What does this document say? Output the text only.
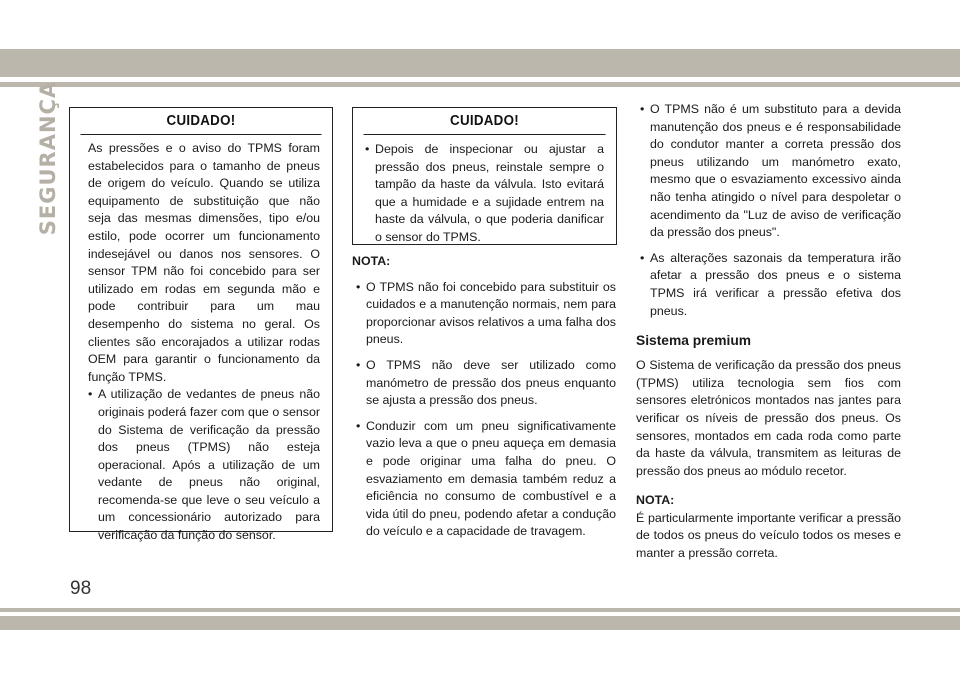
SEGURANÇA	CUIDADO!
As pressões e o aviso do TPMS foram estabelecidos para o tamanho de pneus de origem do veículo. Quando se utiliza equipamento de substituição que não seja das mesmas dimensões, tipo e/ou estilo, pode ocorrer um funcionamento indesejável ou danos nos sensores. O sensor TPM não foi concebido para ser utilizado em rodas em segunda mão e pode contribuir para um mau desempenho do sistema no geral. Os clientes são encorajados a utilizar rodas OEM para garantir o funcionamento da função TPMS.
• A utilização de vedantes de pneus não originais poderá fazer com que o sensor do Sistema de verificação da pressão dos pneus (TPMS) não esteja operacional. Após a utilização de um vedante de pneus não original, recomenda-se que leve o seu veículo a um concessionário autorizado para verificação da função do sensor.
CUIDADO!
• Depois de inspecionar ou ajustar a pressão dos pneus, reinstale sempre o tampão da haste da válvula. Isto evitará que a humidade e a sujidade entrem na haste da válvula, o que poderia danificar o sensor do TPMS.
NOTA:
• O TPMS não foi concebido para substituir os cuidados e a manutenção normais, nem para proporcionar avisos relativos a uma falha dos pneus.
• O TPMS não deve ser utilizado como manómetro de pressão dos pneus enquanto se ajusta a pressão dos pneus.
• Conduzir com um pneu significativamente vazio leva a que o pneu aqueça em demasia e pode originar uma falha do pneu. O esvaziamento em demasia também reduz a eficiência no consumo de combustível e a vida útil do pneu, podendo afetar a condução do veículo e a capacidade de travagem.
• O TPMS não é um substituto para a devida manutenção dos pneus e é responsabilidade do condutor manter a correta pressão dos pneus utilizando um manómetro exato, mesmo que o esvaziamento excessivo ainda não tenha atingido o nível para despoletar o acendimento da "Luz de aviso de verificação da pressão dos pneus".
• As alterações sazonais da temperatura irão afetar a pressão dos pneus e o sistema TPMS irá verificar a pressão efetiva dos pneus.
Sistema premium
O Sistema de verificação da pressão dos pneus (TPMS) utiliza tecnologia sem fios com sensores eletrónicos montados nas jantes para verificar os níveis de pressão dos pneus. Os sensores, montados em cada roda como parte da haste da válvula, transmitem as leituras de pressão dos pneus ao módulo recetor.
NOTA:
É particularmente importante verificar a pressão de todos os pneus do veículo todos os meses e manter a pressão correta.
98
